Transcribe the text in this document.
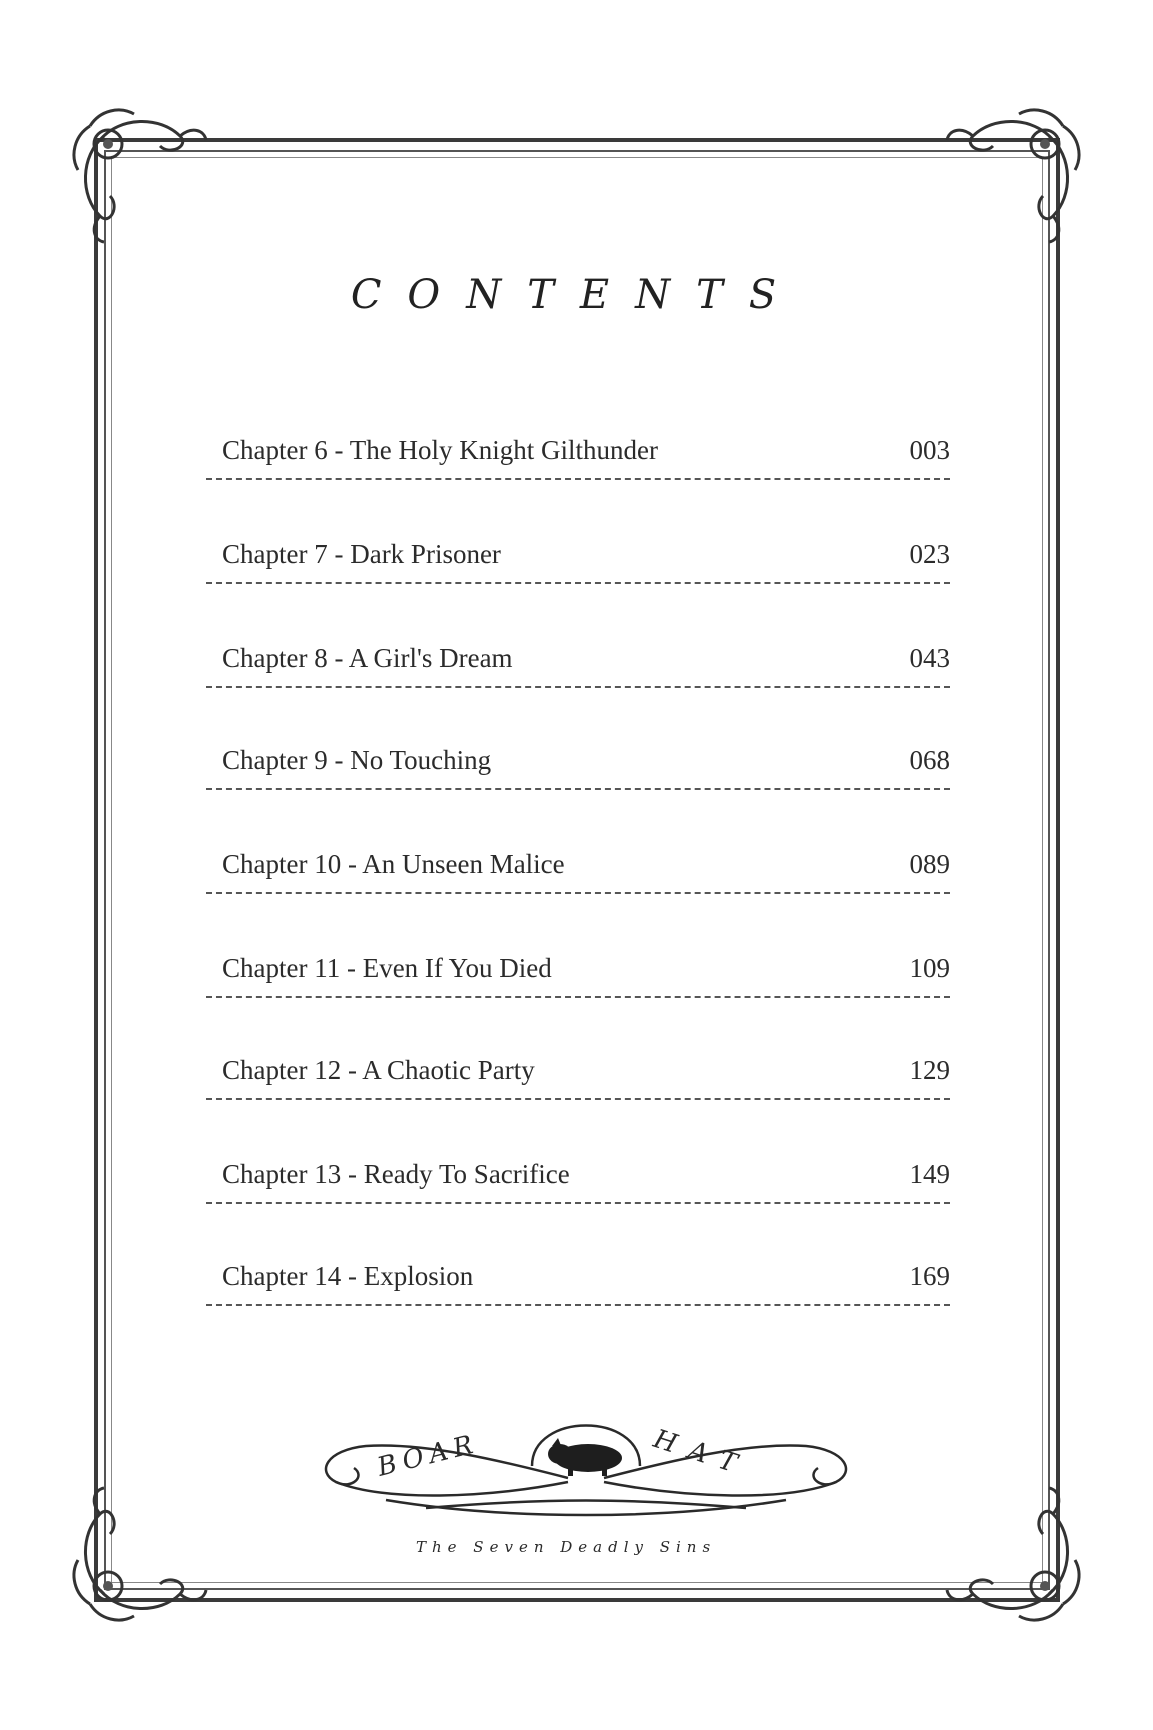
CONTENTS
Chapter 6 - The Holy Knight Gilthunder	003
Chapter 7 - Dark Prisoner	023
Chapter 8 - A Girl's Dream	043
Chapter 9 - No Touching	068
Chapter 10 - An Unseen Malice	089
Chapter 11 - Even If You Died	109
Chapter 12 - A Chaotic Party	129
Chapter 13 - Ready To Sacrifice	149
Chapter 14 - Explosion	169
BOAR	HAT
The Seven Deadly Sins
